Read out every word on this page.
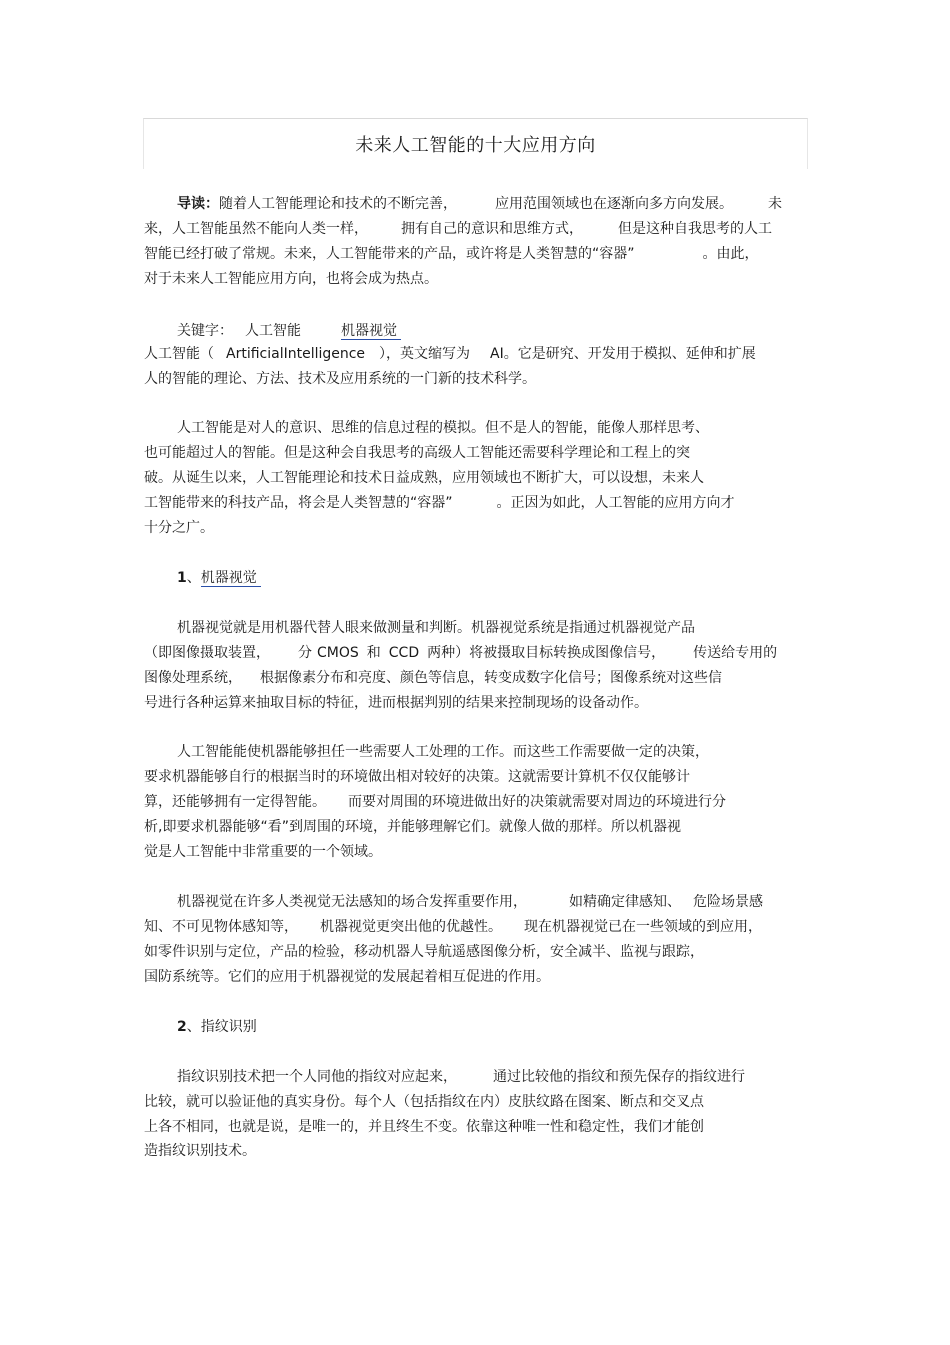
未来人工智能的十大应用方向
导读：随着人工智能理论和技术的不断完善，	应用范围领域也在逐渐向多方向发展。	未
来，人工智能虽然不能向人类一样， 拥有自己的意识和思维方式，	但是这种自我思考的人工
智能已经打破了常规。未来，人工智能带来的产品，或许将是人类智慧的“容器”	。由此，
对于未来人工智能应用方向，也将会成为热点。
关键字： 人工智能	机器视觉
人工智能（ ArtificialIntelligence ），英文缩写为 AI。它是研究、开发用于模拟、延伸和扩展
人的智能的理论、方法、技术及应用系统的一门新的技术科学。
人工智能是对人的意识、思维的信息过程的模拟。但不是人的智能，能像人那样思考、
也可能超过人的智能。但是这种会自我思考的高级人工智能还需要科学理论和工程上的突
破。从诞生以来，人工智能理论和技术日益成熟，应用领域也不断扩大，可以设想，未来人
工智能带来的科技产品，将会是人类智慧的“容器”	。正因为如此，人工智能的应用方向才
十分之广。
1、机器视觉
机器视觉就是用机器代替人眼来做测量和判断。机器视觉系统是指通过机器视觉产品
（即图像摄取装置， 分 CMOS 和 CCD 两种）将被摄取目标转换成图像信号， 传送给专用的
图像处理系统， 根据像素分布和亮度、颜色等信息，转变成数字化信号；图像系统对这些信
号进行各种运算来抽取目标的特征，进而根据判别的结果来控制现场的设备动作。
人工智能能使机器能够担任一些需要人工处理的工作。而这些工作需要做一定的决策，
要求机器能够自行的根据当时的环境做出相对较好的决策。这就需要计算机不仅仅能够计
算，还能够拥有一定得智能。 而要对周围的环境进做出好的决策就需要对周边的环境进行分
析,即要求机器能够“看”到周围的环境，并能够理解它们。就像人做的那样。所以机器视
觉是人工智能中非常重要的一个领域。
机器视觉在许多人类视觉无法感知的场合发挥重要作用，	如精确定律感知、 危险场景感
知、不可见物体感知等， 机器视觉更突出他的优越性。 现在机器视觉已在一些领域的到应用，
如零件识别与定位，产品的检验，移动机器人导航遥感图像分析，安全减半、监视与跟踪，
国防系统等。它们的应用于机器视觉的发展起着相互促进的作用。
2、指纹识别
指纹识别技术把一个人同他的指纹对应起来，	通过比较他的指纹和预先保存的指纹进行
比较，就可以验证他的真实身份。每个人（包括指纹在内）皮肤纹路在图案、断点和交叉点
上各不相同，也就是说，是唯一的，并且终生不变。依靠这种唯一性和稳定性，我们才能创
造指纹识别技术。
